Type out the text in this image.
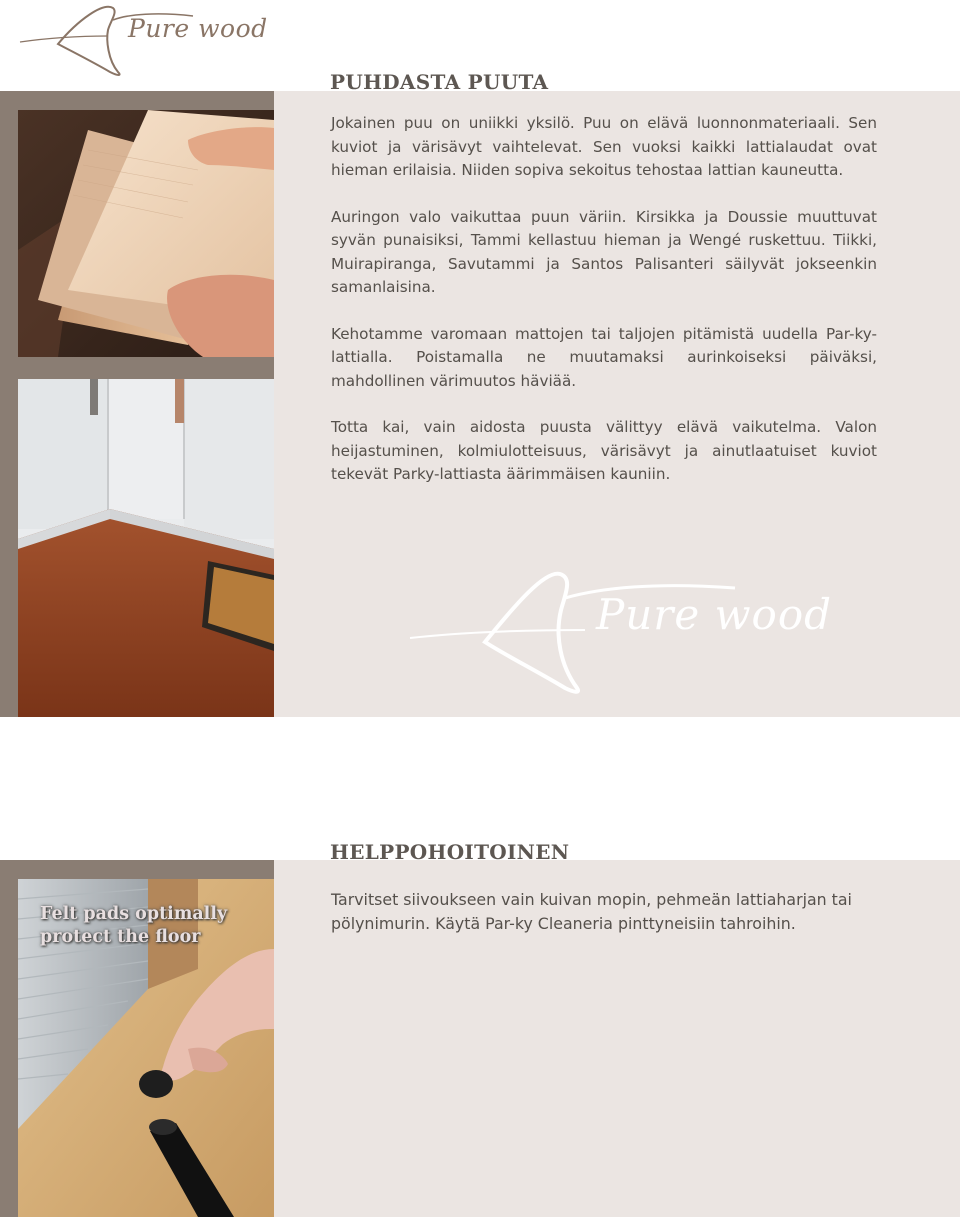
Pure wood
PUHDASTA PUUTA

Jokainen puu on uniikki yksilö. Puu on elävä luonnonmateriaali. Sen kuviot ja värisävyt vaihtelevat. Sen vuoksi kaikki lattialaudat ovat hieman erilaisia. Niiden sopiva sekoitus tehostaa lattian kauneutta.

Auringon valo vaikuttaa puun väriin. Kirsikka ja Doussie muuttuvat syvän punaisiksi, Tammi kellastuu hieman ja Wengé ruskettuu. Tiikki, Muirapiranga, Savutammi ja Santos Palisanteri säilyvät jokseenkin samanlaisina.

Kehotamme varomaan mattojen tai taljojen pitämistä uudella Par-ky-lattialla. Poistamalla ne muutamaksi aurinkoiseksi päiväksi, mahdollinen värimuutos häviää.

Totta kai, vain aidosta puusta välittyy elävä vaikutelma. Valon heijastuminen, kolmiulotteisuus, värisävyt ja ainutlaatuiset kuviot tekevät Parky-lattiasta äärimmäisen kauniin.

Pure wood
Felt pads optimally
protect the floor
HELPPOHOITOINEN

Tarvitset siivoukseen vain kuivan mopin, pehmeän lattiaharjan tai pölynimurin. Käytä Par-ky Cleaneria pinttyneisiin tahroihin.
